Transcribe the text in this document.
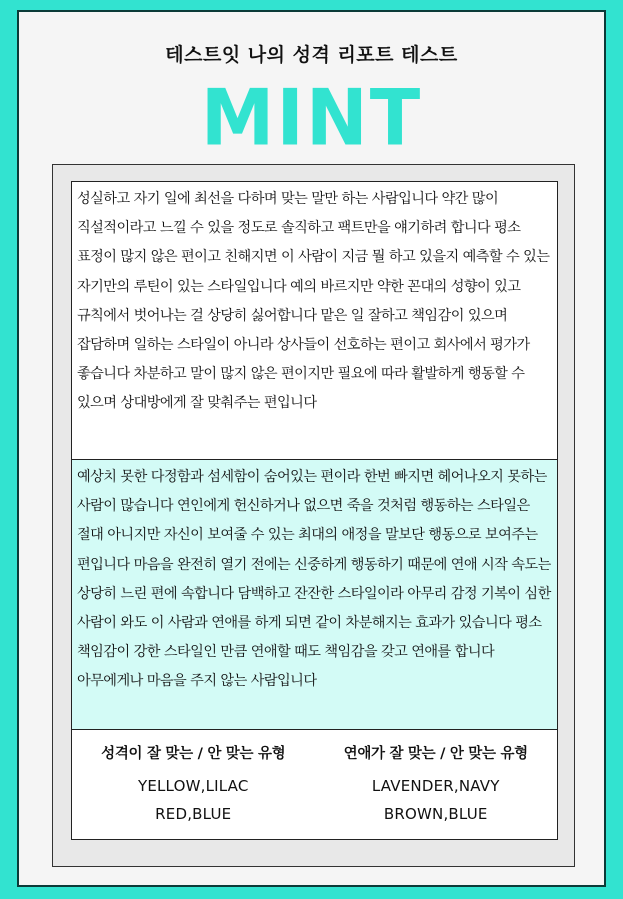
테스트잇 나의 성격 리포트 테스트
MINT

성실하고 자기 일에 최선을 다하며 맞는 말만 하는 사람입니다 약간 많이 직설적이라고 느낄 수 있을 정도로 솔직하고 팩트만을 얘기하려 합니다 평소 표정이 많지 않은 편이고 친해지면 이 사람이 지금 뭘 하고 있을지 예측할 수 있는 자기만의 루틴이 있는 스타일입니다 예의 바르지만 약한 꼰대의 성향이 있고 규칙에서 벗어나는 걸 상당히 싫어합니다 맡은 일 잘하고 책임감이 있으며 잡담하며 일하는 스타일이 아니라 상사들이 선호하는 편이고 회사에서 평가가 좋습니다 차분하고 말이 많지 않은 편이지만 필요에 따라 활발하게 행동할 수 있으며 상대방에게 잘 맞춰주는 편입니다

예상치 못한 다정함과 섬세함이 숨어있는 편이라 한번 빠지면 헤어나오지 못하는 사람이 많습니다 연인에게 헌신하거나 없으면 죽을 것처럼 행동하는 스타일은 절대 아니지만 자신이 보여줄 수 있는 최대의 애정을 말보단 행동으로 보여주는 편입니다 마음을 완전히 열기 전에는 신중하게 행동하기 때문에 연애 시작 속도는 상당히 느린 편에 속합니다 담백하고 잔잔한 스타일이라 아무리 감정 기복이 심한 사람이 와도 이 사람과 연애를 하게 되면 같이 차분해지는 효과가 있습니다 평소 책임감이 강한 스타일인 만큼 연애할 때도 책임감을 갖고 연애를 합니다 아무에게나 마음을 주지 않는 사람입니다

성격이 잘 맞는 / 안 맞는 유형
YELLOW,LILAC
RED,BLUE
연애가 잘 맞는 / 안 맞는 유형
LAVENDER,NAVY
BROWN,BLUE
